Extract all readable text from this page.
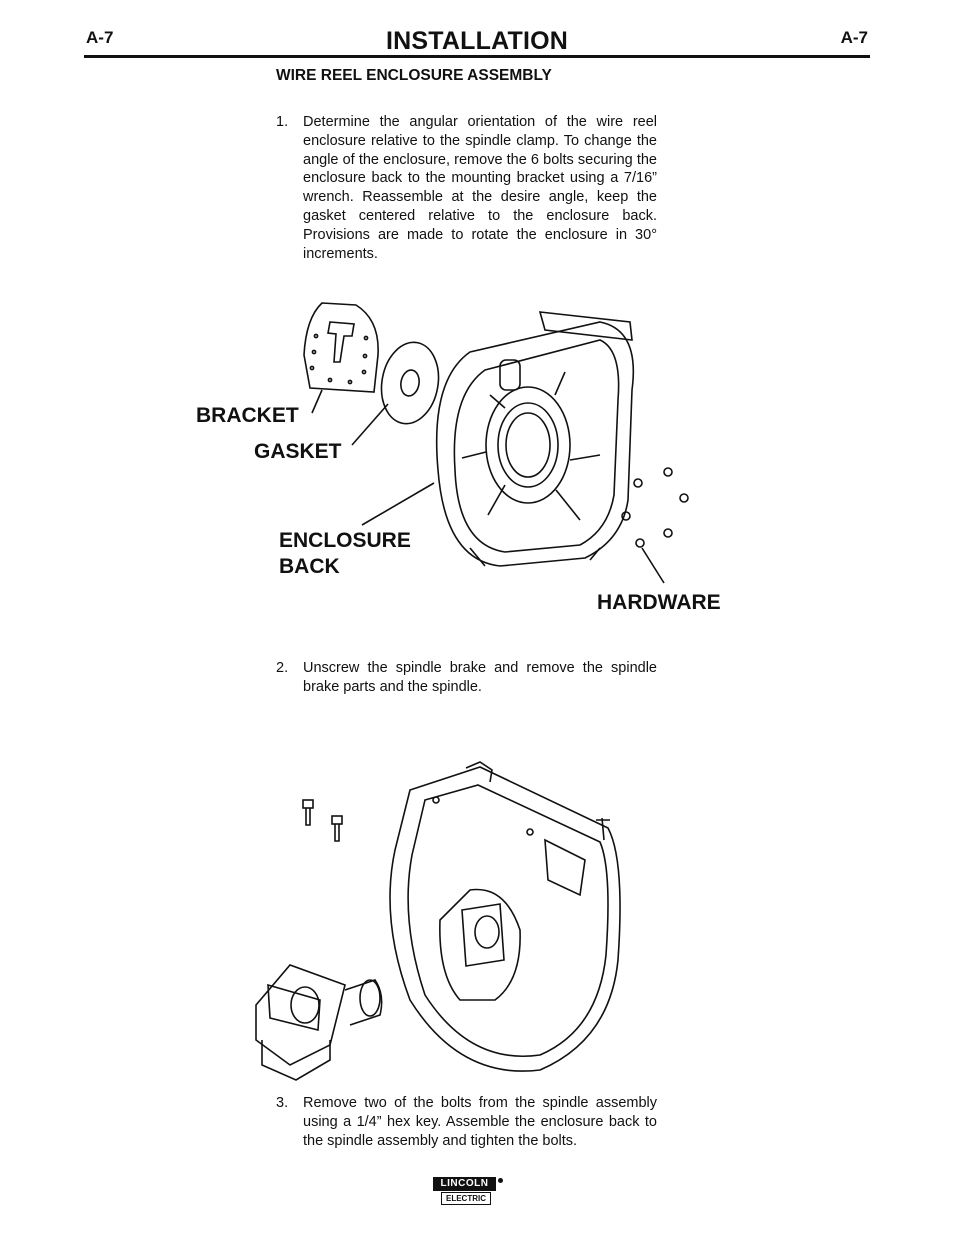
A-7	INSTALLATION	A-7
WIRE REEL ENCLOSURE ASSEMBLY
1. Determine the angular orientation of the wire reel enclosure relative to the spindle clamp. To change the angle of the enclosure, remove the 6 bolts securing the enclosure back to the mounting bracket using a 7/16” wrench. Reassemble at the desire angle, keep the gasket centered relative to the enclosure back. Provisions are made to rotate the enclosure in 30° increments.
BRACKET
GASKET
ENCLOSURE
BACK
HARDWARE
2. Unscrew the spindle brake and remove the spindle brake parts and the spindle.
3. Remove two of the bolts from the spindle assembly using a 1/4” hex key. Assemble the enclosure back to the spindle assembly and tighten the bolts.
LINCOLN
ELECTRIC
